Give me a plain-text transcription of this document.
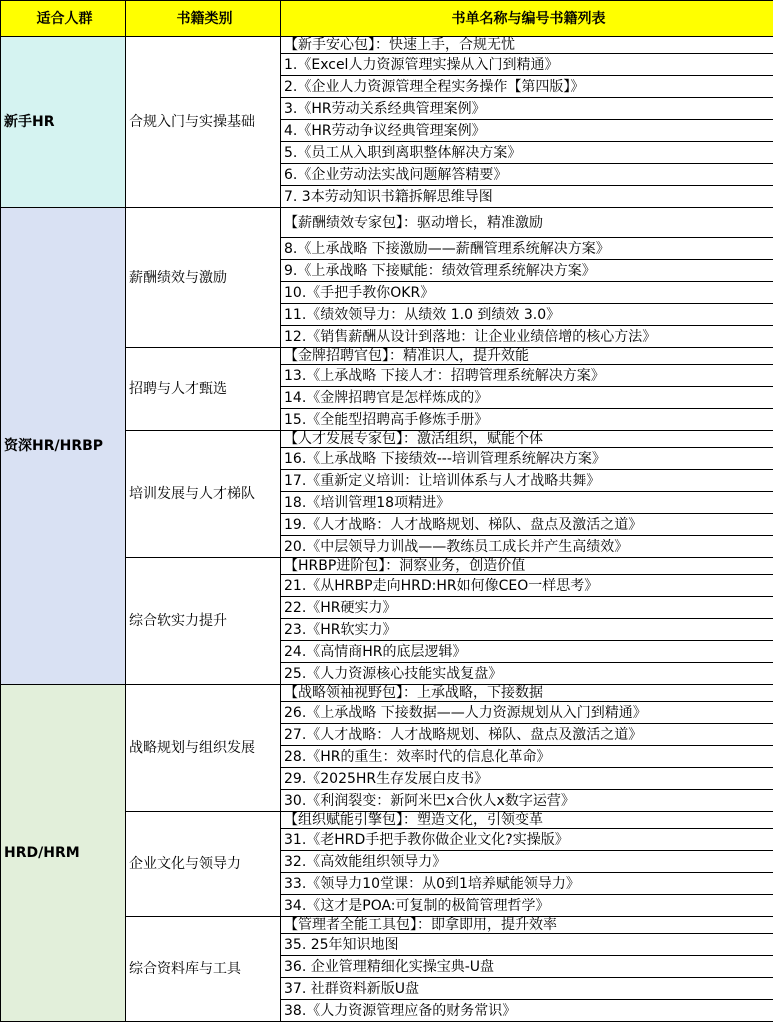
适合人群	书籍类别	书单名称与编号书籍列表
新手HR	合规入门与实操基础	【新手安心包】：快速上手，合规无忧
		1.《Excel人力资源管理实操从入门到精通》
		2.《企业人力资源管理全程实务操作【第四版】》
		3.《HR劳动关系经典管理案例》
		4.《HR劳动争议经典管理案例》
		5.《员工从入职到离职整体解决方案》
		6.《企业劳动法实战问题解答精要》
		7. 3本劳动知识书籍拆解思维导图
资深HR/HRBP	薪酬绩效与激励	【薪酬绩效专家包】：驱动增长，精准激励
		8.《上承战略 下接激励——薪酬管理系统解决方案》
		9.《上承战略 下接赋能：绩效管理系统解决方案》
		10.《手把手教你OKR》
		11.《绩效领导力：从绩效 1.0 到绩效 3.0》
		12.《销售薪酬从设计到落地：让企业业绩倍增的核心方法》
	招聘与人才甄选	【金牌招聘官包】：精准识人，提升效能
		13.《上承战略 下接人才：招聘管理系统解决方案》
		14.《金牌招聘官是怎样炼成的》
		15.《全能型招聘高手修炼手册》
	培训发展与人才梯队	【人才发展专家包】：激活组织，赋能个体
		16.《上承战略 下接绩效---培训管理系统解决方案》
		17.《重新定义培训：让培训体系与人才战略共舞》
		18.《培训管理18项精进》
		19.《人才战略：人才战略规划、梯队、盘点及激活之道》
		20.《中层领导力训战——教练员工成长并产生高绩效》
	综合软实力提升	【HRBP进阶包】：洞察业务，创造价值
		21.《从HRBP走向HRD:HR如何像CEO一样思考》
		22.《HR硬实力》
		23.《HR软实力》
		24.《高情商HR的底层逻辑》
		25.《人力资源核心技能实战复盘》
HRD/HRM	战略规划与组织发展	【战略领袖视野包】：上承战略，下接数据
		26.《上承战略 下接数据——人力资源规划从入门到精通》
		27.《人才战略：人才战略规划、梯队、盘点及激活之道》
		28.《HR的重生：效率时代的信息化革命》
		29.《2025HR生存发展白皮书》
		30.《利润裂变：新阿米巴x合伙人x数字运营》
	企业文化与领导力	【组织赋能引擎包】：塑造文化，引领变革
		31.《老HRD手把手教你做企业文化?实操版》
		32.《高效能组织领导力》
		33.《领导力10堂课：从0到1培养赋能领导力》
		34.《这才是POA:可复制的极简管理哲学》
	综合资料库与工具	【管理者全能工具包】：即拿即用，提升效率
		35. 25年知识地图
		36. 企业管理精细化实操宝典-U盘
		37. 社群资料新版U盘
		38.《人力资源管理应备的财务常识》
